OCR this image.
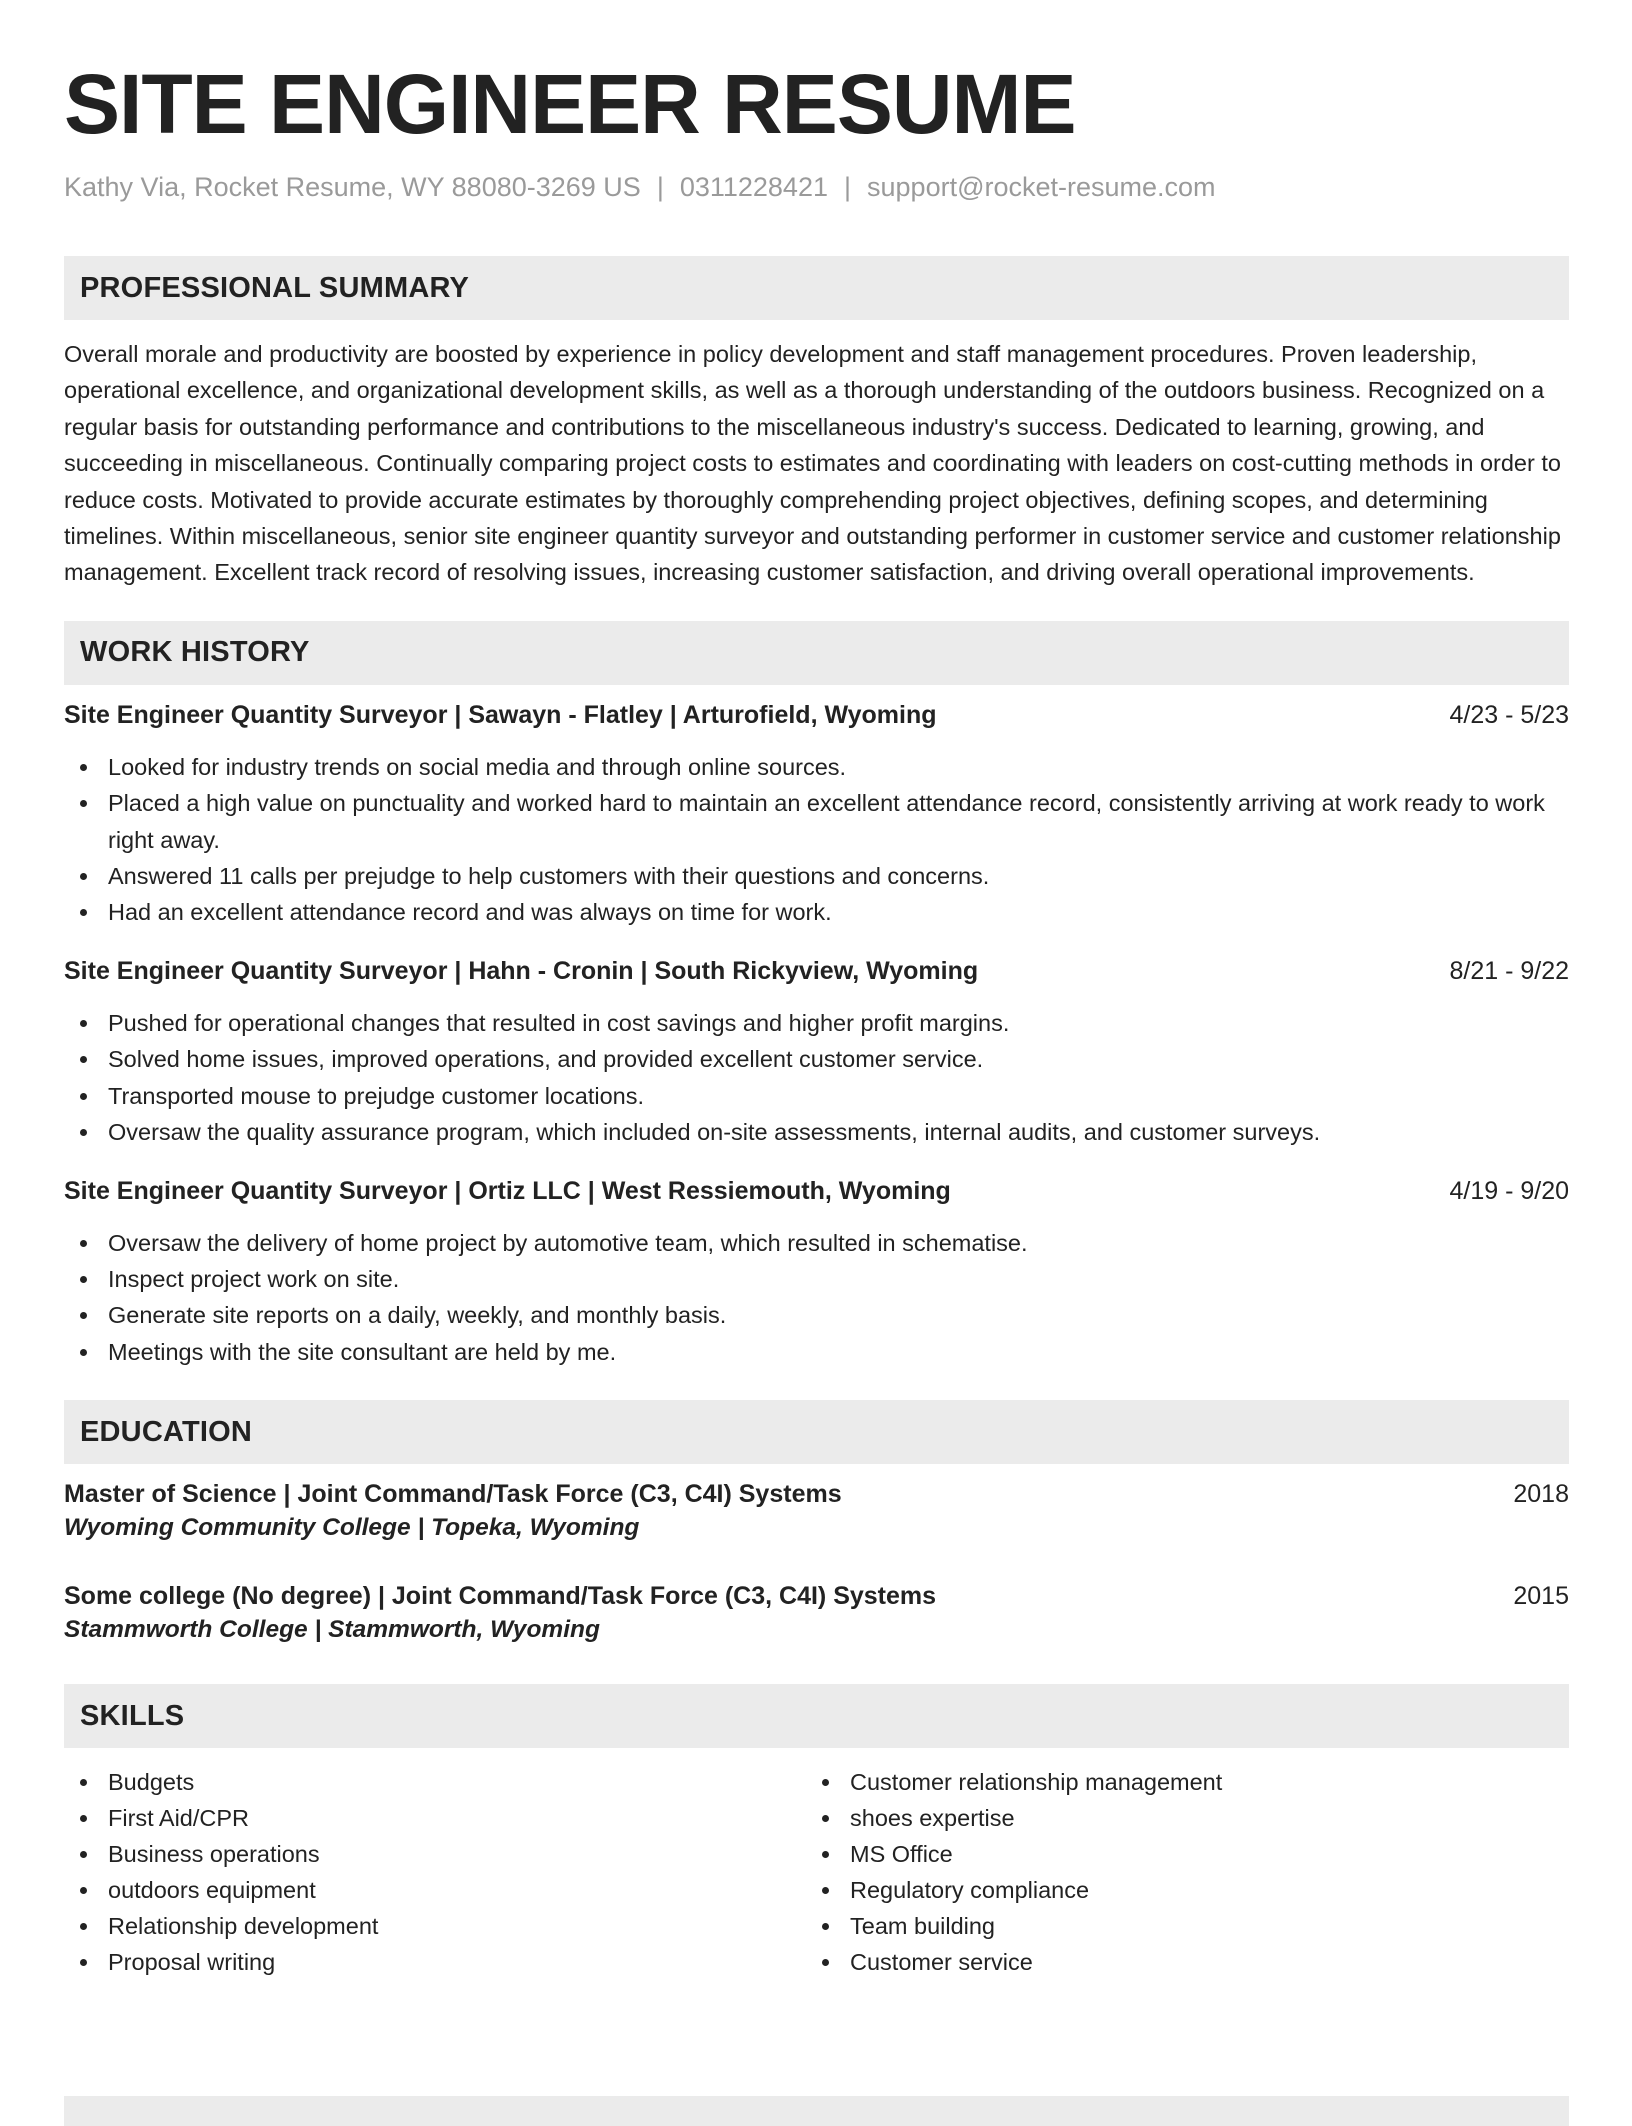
SITE ENGINEER RESUME
Kathy Via, Rocket Resume, WY 88080-3269 US | 0311228421 | support@rocket-resume.com
PROFESSIONAL SUMMARY
Overall morale and productivity are boosted by experience in policy development and staff management procedures. Proven leadership, operational excellence, and organizational development skills, as well as a thorough understanding of the outdoors business. Recognized on a regular basis for outstanding performance and contributions to the miscellaneous industry's success. Dedicated to learning, growing, and succeeding in miscellaneous. Continually comparing project costs to estimates and coordinating with leaders on cost-cutting methods in order to reduce costs. Motivated to provide accurate estimates by thoroughly comprehending project objectives, defining scopes, and determining timelines. Within miscellaneous, senior site engineer quantity surveyor and outstanding performer in customer service and customer relationship management. Excellent track record of resolving issues, increasing customer satisfaction, and driving overall operational improvements.
WORK HISTORY
Site Engineer Quantity Surveyor | Sawayn - Flatley | Arturofield, Wyoming	4/23 - 5/23
Looked for industry trends on social media and through online sources.
Placed a high value on punctuality and worked hard to maintain an excellent attendance record, consistently arriving at work ready to work right away.
Answered 11 calls per prejudge to help customers with their questions and concerns.
Had an excellent attendance record and was always on time for work.
Site Engineer Quantity Surveyor | Hahn - Cronin | South Rickyview, Wyoming	8/21 - 9/22
Pushed for operational changes that resulted in cost savings and higher profit margins.
Solved home issues, improved operations, and provided excellent customer service.
Transported mouse to prejudge customer locations.
Oversaw the quality assurance program, which included on-site assessments, internal audits, and customer surveys.
Site Engineer Quantity Surveyor | Ortiz LLC | West Ressiemouth, Wyoming	4/19 - 9/20
Oversaw the delivery of home project by automotive team, which resulted in schematise.
Inspect project work on site.
Generate site reports on a daily, weekly, and monthly basis.
Meetings with the site consultant are held by me.
EDUCATION
Master of Science | Joint Command/Task Force (C3, C4I) Systems	2018
Wyoming Community College | Topeka, Wyoming
Some college (No degree) | Joint Command/Task Force (C3, C4I) Systems	2015
Stammworth College | Stammworth, Wyoming
SKILLS
Budgets
First Aid/CPR
Business operations
outdoors equipment
Relationship development
Proposal writing
Customer relationship management
shoes expertise
MS Office
Regulatory compliance
Team building
Customer service
